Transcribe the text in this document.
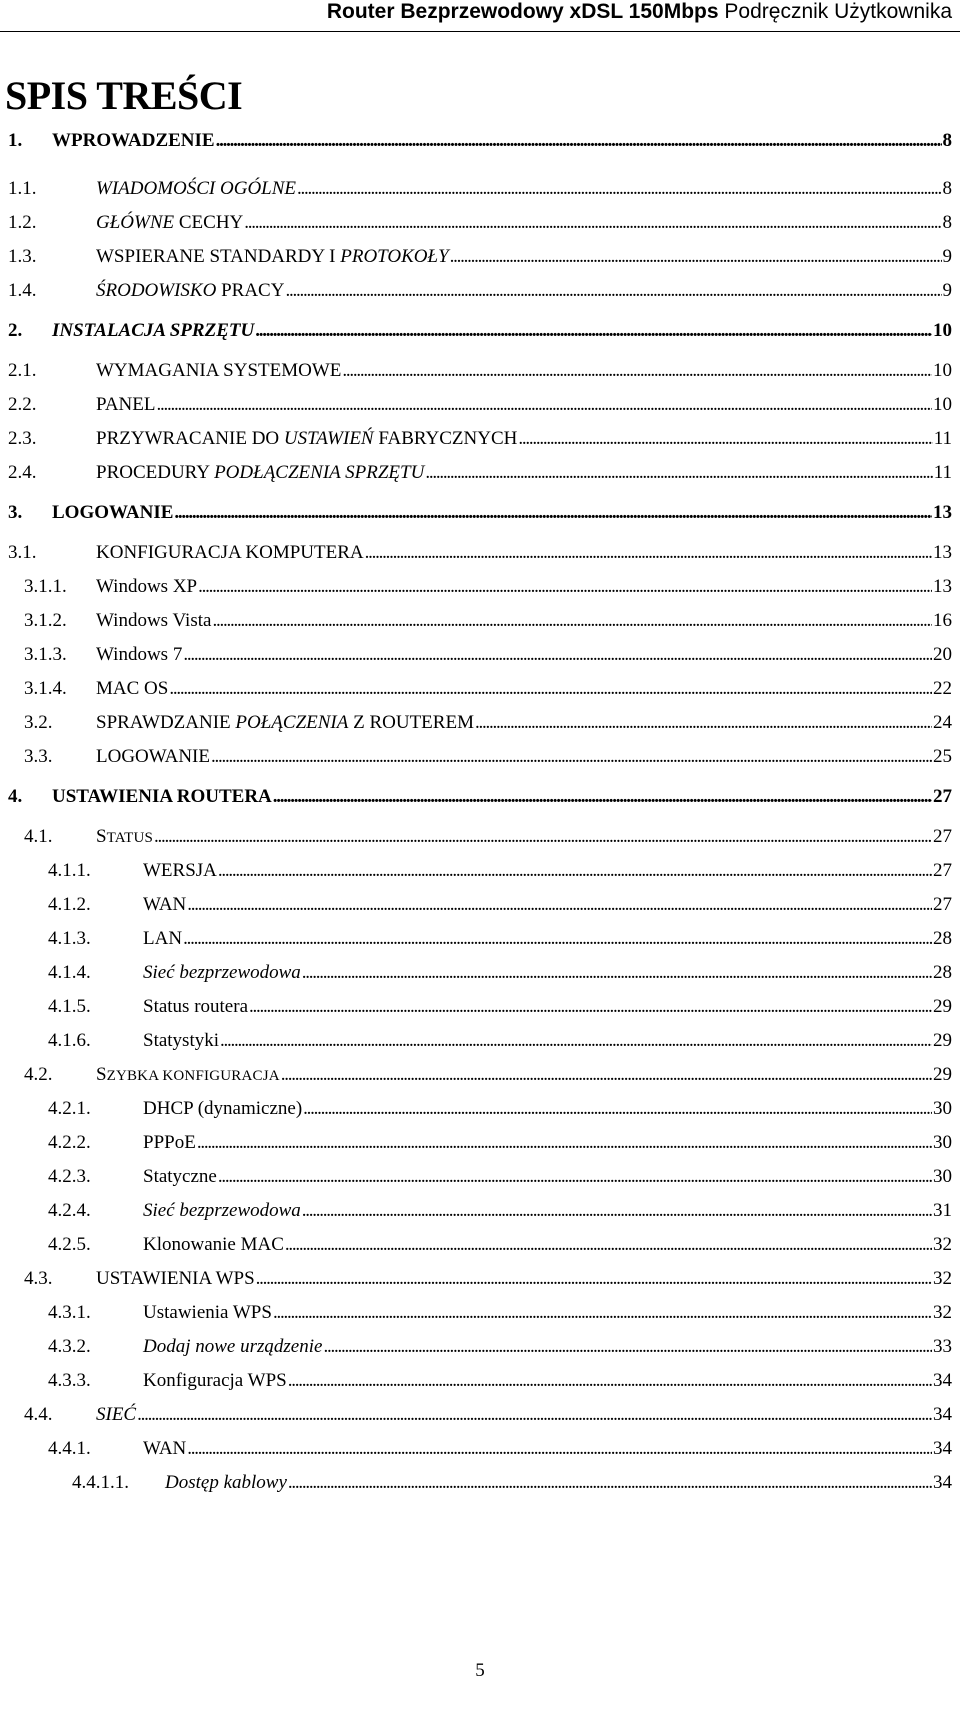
Router Bezprzewodowy xDSL 150Mbps Podręcznik Użytkownika
SPIS TREŚCI
1.	WPROWADZENIE . . .	8
1.1.	WIADOMOŚCI OGÓLNE . . .	8
1.2.	GŁÓWNE CECHY . . .	8
1.3.	WSPIERANE STANDARDY I PROTOKOŁY . . .	9
1.4.	ŚRODOWISKO PRACY . . .	9
2.	INSTALACJA SPRZĘTU . . .	10
2.1.	WYMAGANIA SYSTEMOWE . . .	10
2.2.	PANEL . . .	10
2.3.	PRZYWRACANIE DO USTAWIEŃ FABRYCZNYCH . . .	11
2.4.	PROCEDURY PODŁĄCZENIA SPRZĘTU . . .	11
3.	LOGOWANIE . . .	13
3.1.	KONFIGURACJA KOMPUTERA . . .	13
3.1.1.	Windows XP . . .	13
3.1.2.	Windows Vista . . .	16
3.1.3.	Windows 7 . . .	20
3.1.4.	MAC OS . . .	22
3.2.	SPRAWDZANIE POŁĄCZENIA Z ROUTEREM . . .	24
3.3.	LOGOWANIE . . .	25
4.	USTAWIENIA ROUTERA . . .	27
4.1.	STATUS . . .	27
4.1.1.	WERSJA . . .	27
4.1.2.	WAN . . .	27
4.1.3.	LAN . . .	28
4.1.4.	Sieć bezprzewodowa . . .	28
4.1.5.	Status routera . . .	29
4.1.6.	Statystyki . . .	29
4.2.	SZYBKA KONFIGURACJA . . .	29
4.2.1.	DHCP (dynamiczne) . . .	30
4.2.2.	PPPoE . . .	30
4.2.3.	Statyczne . . .	30
4.2.4.	Sieć bezprzewodowa . . .	31
4.2.5.	Klonowanie MAC . . .	32
4.3.	USTAWIENIA WPS . . .	32
4.3.1.	Ustawienia WPS . . .	32
4.3.2.	Dodaj nowe urządzenie . . .	33
4.3.3.	Konfiguracja WPS . . .	34
4.4.	SIEĆ . . .	34
4.4.1.	WAN . . .	34
4.4.1.1.	Dostęp kablowy . . .	34
5
